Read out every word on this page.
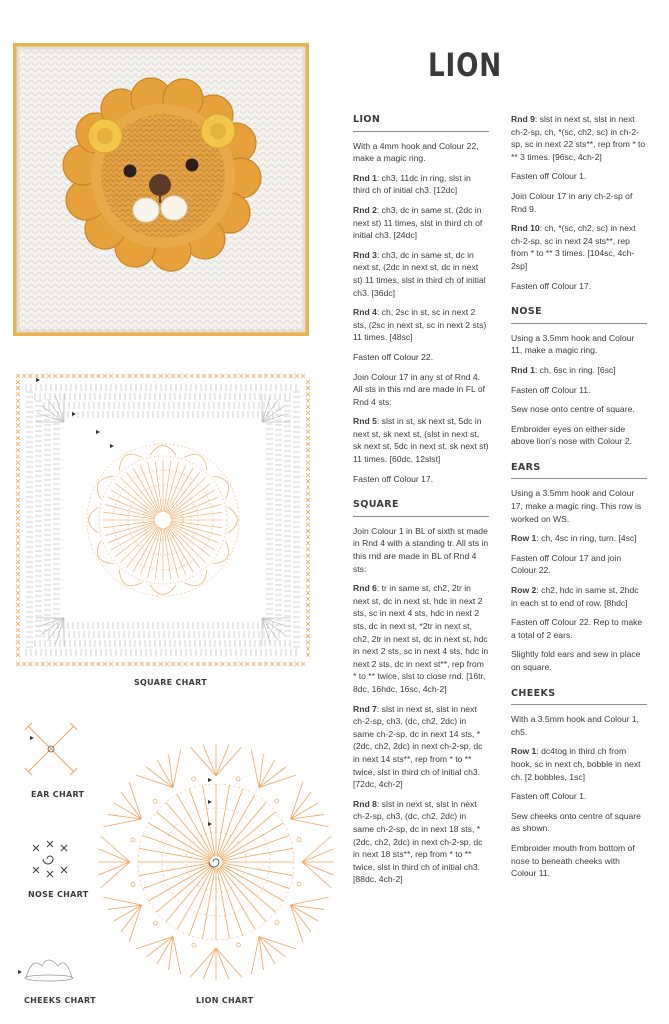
LION
LION

With a 4mm hook and Colour 22, make a magic ring.

Rnd 1: ch3, 11dc in ring, slst in third ch of initial ch3. [12dc]

Rnd 2: ch3, dc in same st, (2dc in next st) 11 times, slst in third ch of initial ch3. [24dc]

Rnd 3: ch3, dc in same st, dc in next st, (2dc in next st, dc in next st) 11 times, slst in third ch of initial ch3. [36dc]

Rnd 4: ch, 2sc in st, sc in next 2 sts, (2sc in next st, sc in next 2 sts) 11 times. [48sc]

Fasten off Colour 22.

Join Colour 17 in any st of Rnd 4. All sts in this rnd are made in FL of Rnd 4 sts:

Rnd 5: slst in st, sk next st, 5dc in next st, sk next st, (slst in next st, sk next st, 5dc in next st, sk next st) 11 times. [60dc, 12slst]

Fasten off Colour 17.

SQUARE

Join Colour 1 in BL of sixth st made in Rnd 4 with a standing tr. All sts in this rnd are made in BL of Rnd 4 sts:

Rnd 6: tr in same st, ch2, 2tr in next st, dc in next st, hdc in next 2 sts, sc in next 4 sts, hdc in next 2 sts, dc in next st, *2tr in next st, ch2, 2tr in next st, dc in next st, hdc in next 2 sts, sc in next 4 sts, hdc in next 2 sts, dc in next st**, rep from * to ** twice, slst to close rnd. [16tr, 8dc, 16hdc, 16sc, 4ch-2]

Rnd 7: slst in next st, slst in next ch-2-sp, ch3, (dc, ch2, 2dc) in same ch-2-sp, dc in next 14 sts, *(2dc, ch2, 2dc) in next ch-2-sp, dc in next 14 sts**, rep from * to ** twice, slst in third ch of initial ch3. [72dc, 4ch-2]

Rnd 8: slst in next st, slst in next ch-2-sp, ch3, (dc, ch2, 2dc) in same ch-2-sp, dc in next 18 sts, *(2dc, ch2, 2dc) in next ch-2-sp, dc in next 18 sts**, rep from * to ** twice, slst in third ch of initial ch3. [88dc, 4ch-2]

Rnd 9: slst in next st, slst in next ch-2-sp, ch, *(sc, ch2, sc) in ch-2-sp, sc in next 22 sts**, rep from * to ** 3 times. [96sc, 4ch-2]

Fasten off Colour 1.

Join Colour 17 in any ch-2-sp of Rnd 9.

Rnd 10: ch, *(sc, ch2, sc) in next ch-2-sp, sc in next 24 sts**, rep from * to ** 3 times. [104sc, 4ch-2sp]

Fasten off Colour 17.

NOSE

Using a 3.5mm hook and Colour 11, make a magic ring.

Rnd 1: ch, 6sc in ring. [6sc]

Fasten off Colour 11.

Sew nose onto centre of square.

Embroider eyes on either side above lion's nose with Colour 2.

EARS

Using a 3.5mm hook and Colour 17, make a magic ring. This row is worked on WS.

Row 1: ch, 4sc in ring, turn. [4sc]

Fasten off Colour 17 and join Colour 22.

Row 2: ch2, hdc in same st, 2hdc in each st to end of row. [8hdc]

Fasten off Colour 22. Rep to make a total of 2 ears.

Slightly fold ears and sew in place on square.

CHEEKS

With a 3.5mm hook and Colour 1, ch5.

Row 1: dc4tog in third ch from hook, sc in next ch, bobble in next ch. [2 bobbles, 1sc]

Fasten off Colour 1.

Sew cheeks onto centre of square as shown.

Embroider mouth from bottom of nose to beneath cheeks with Colour 11.

SQUARE CHART
EAR CHART
NOSE CHART
CHEEKS CHART	LION CHART
